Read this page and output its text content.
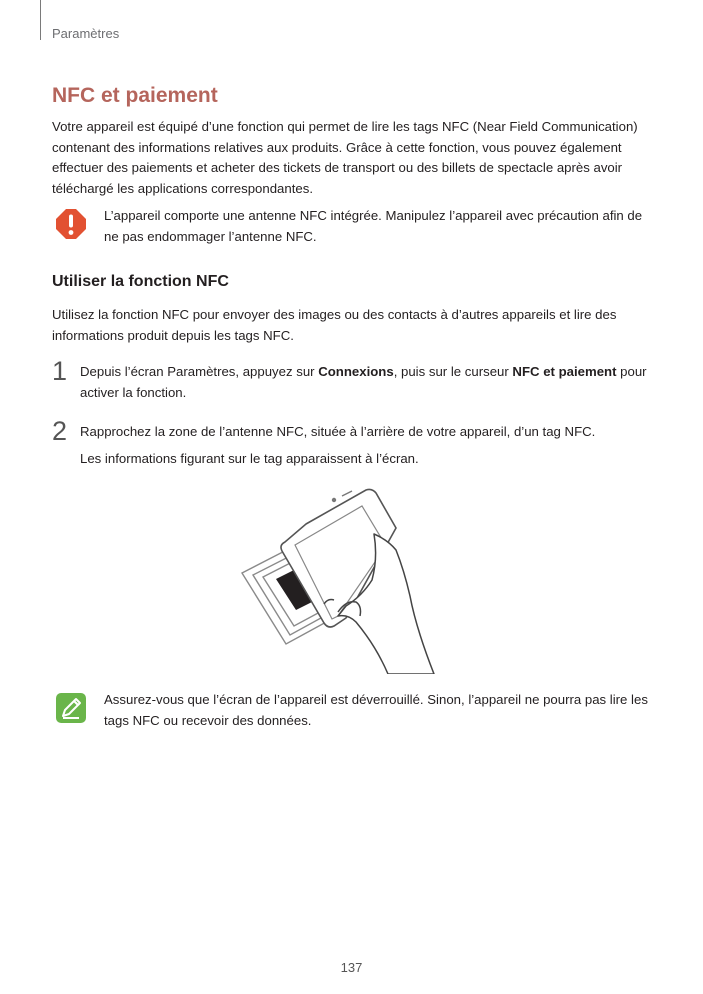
Paramètres
NFC et paiement

Votre appareil est équipé d’une fonction qui permet de lire les tags NFC (Near Field Communication) contenant des informations relatives aux produits. Grâce à cette fonction, vous pouvez également effectuer des paiements et acheter des tickets de transport ou des billets de spectacle après avoir téléchargé les applications correspondantes.

L’appareil comporte une antenne NFC intégrée. Manipulez l’appareil avec précaution afin de ne pas endommager l’antenne NFC.

Utiliser la fonction NFC

Utilisez la fonction NFC pour envoyer des images ou des contacts à d’autres appareils et lire des informations produit depuis les tags NFC.

1 Depuis l’écran Paramètres, appuyez sur Connexions, puis sur le curseur NFC et paiement pour activer la fonction.

2 Rapprochez la zone de l’antenne NFC, située à l’arrière de votre appareil, d’un tag NFC.

Les informations figurant sur le tag apparaissent à l’écran.

Assurez-vous que l’écran de l’appareil est déverrouillé. Sinon, l’appareil ne pourra pas lire les tags NFC ou recevoir des données.

137
